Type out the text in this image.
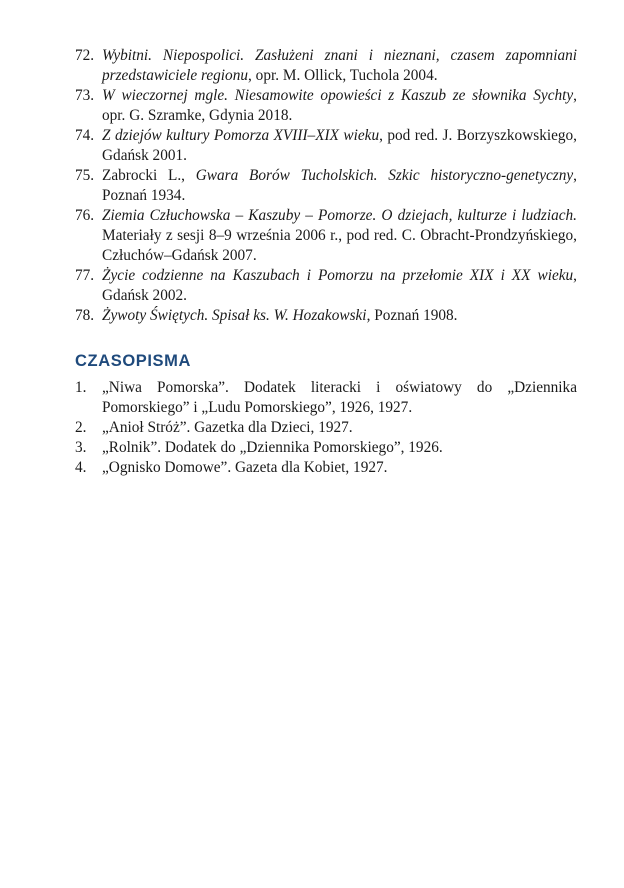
72. Wybitni. Niepospolici. Zasłużeni znani i nieznani, czasem zapomniani przedstawiciele regionu, opr. M. Ollick, Tuchola 2004.
73. W wieczornej mgle. Niesamowite opowieści z Kaszub ze słownika Sychty, opr. G. Szramke, Gdynia 2018.
74. Z dziejów kultury Pomorza XVIII–XIX wieku, pod red. J. Borzyszkowskiego, Gdańsk 2001.
75. Zabrocki L., Gwara Borów Tucholskich. Szkic historyczno-genetyczny, Poznań 1934.
76. Ziemia Człuchowska – Kaszuby – Pomorze. O dziejach, kulturze i ludziach. Materiały z sesji 8–9 września 2006 r., pod red. C. Obracht-Prondzyńskiego, Człuchów–Gdańsk 2007.
77. Życie codzienne na Kaszubach i Pomorzu na przełomie XIX i XX wieku, Gdańsk 2002.
78. Żywoty Świętych. Spisał ks. W. Hozakowski, Poznań 1908.
CZASOPISMA
1. „Niwa Pomorska”. Dodatek literacki i oświatowy do „Dziennika Pomorskiego” i „Ludu Pomorskiego”, 1926, 1927.
2. „Anioł Stróż”. Gazetka dla Dzieci, 1927.
3. „Rolnik”. Dodatek do „Dziennika Pomorskiego”, 1926.
4. „Ognisko Domowe”. Gazeta dla Kobiet, 1927.
